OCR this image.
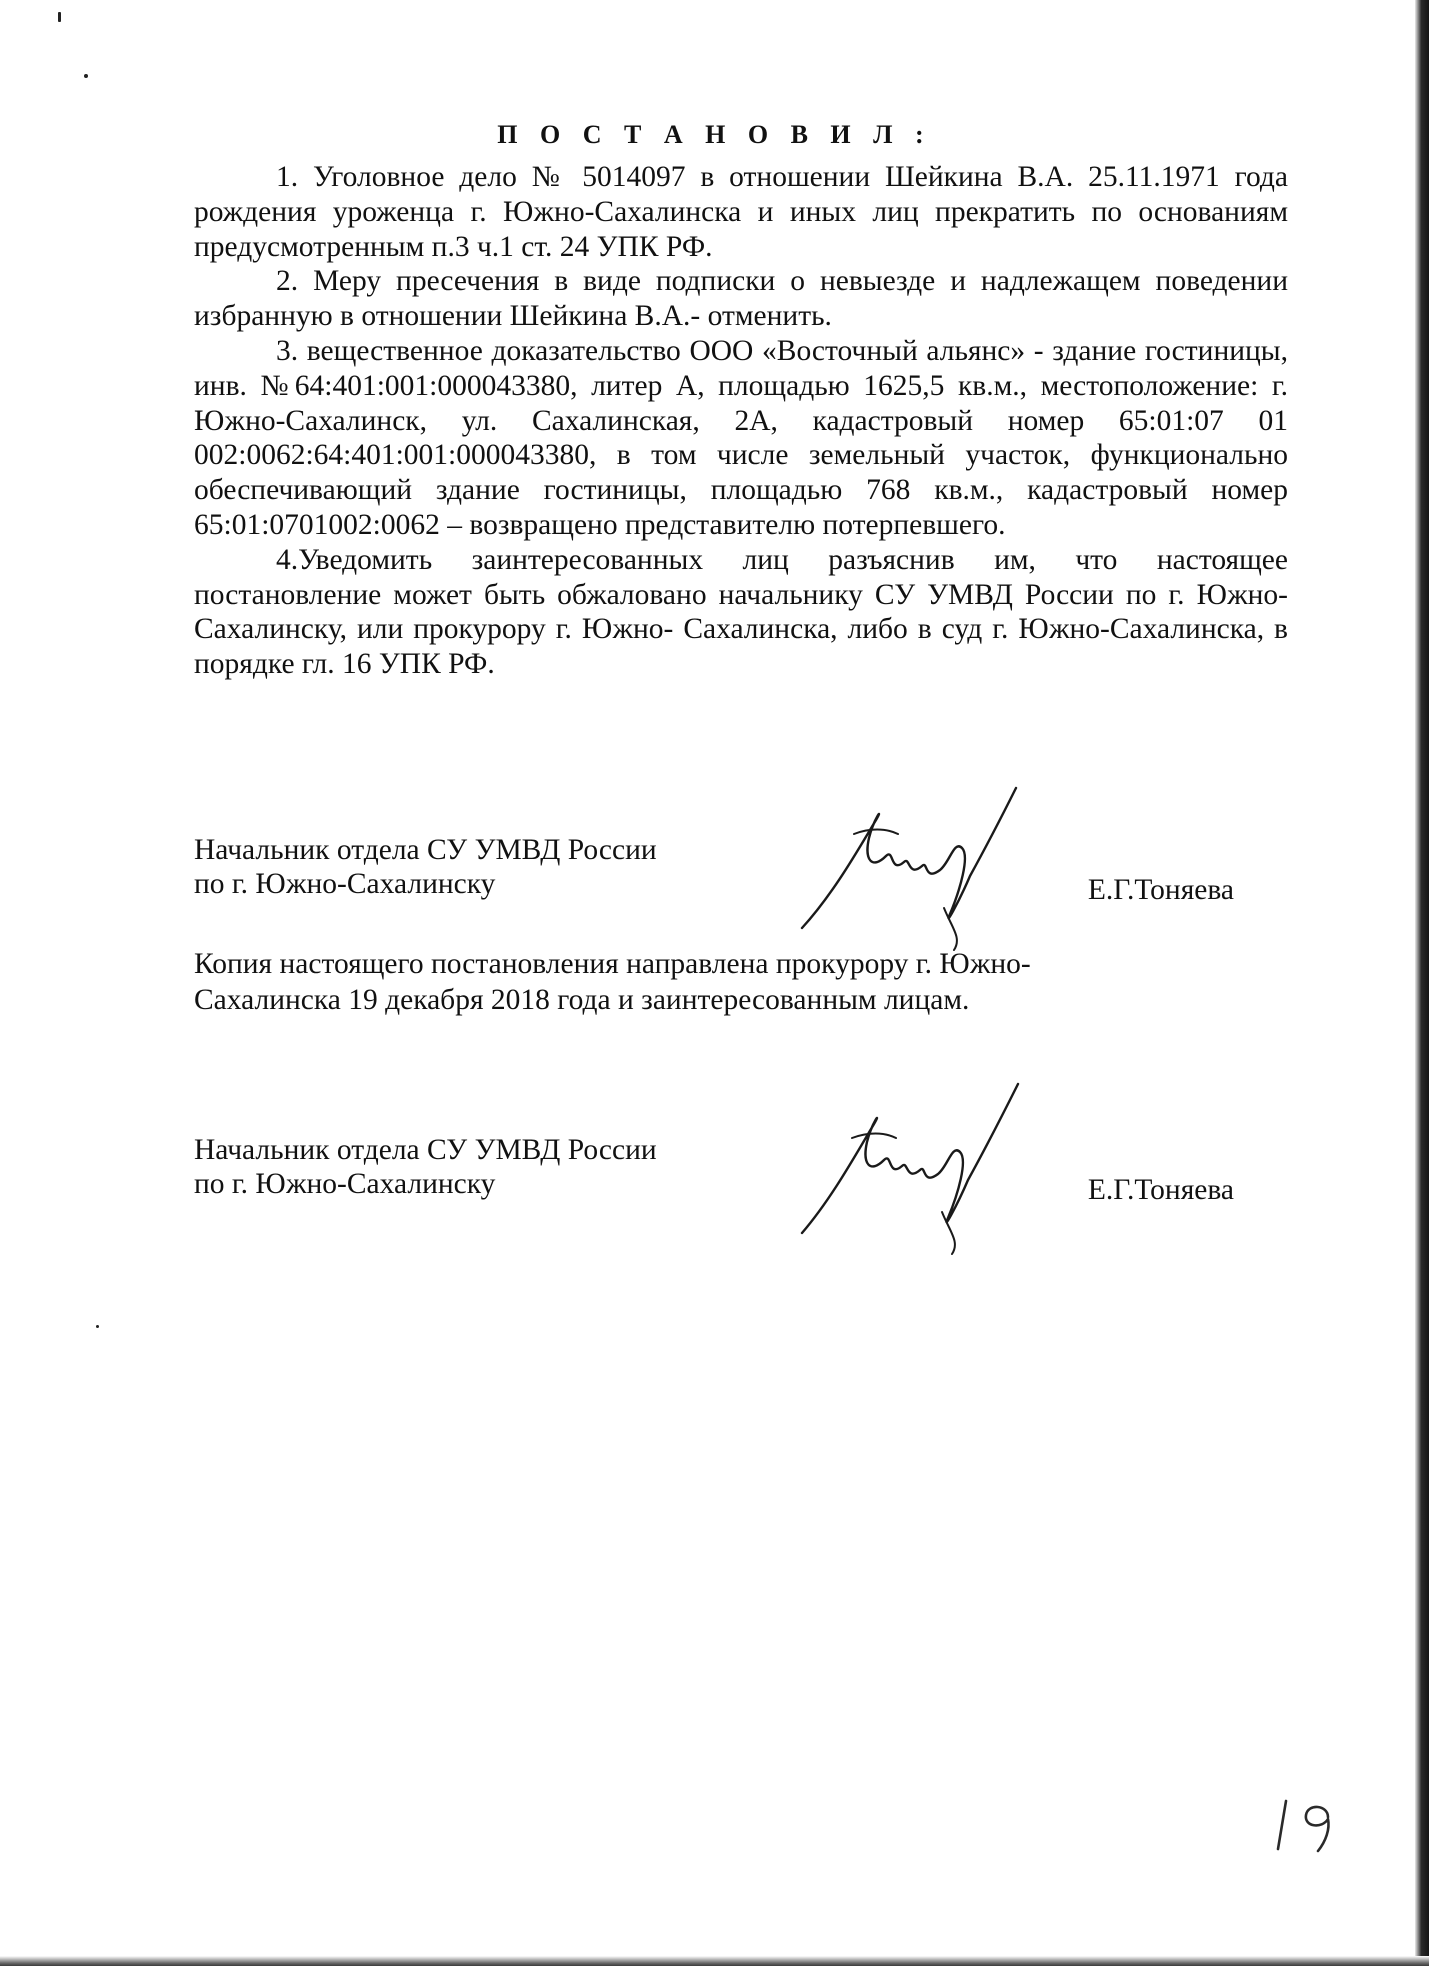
П О С Т А Н О В И Л :

1. Уголовное дело № 5014097 в отношении Шейкина В.А. 25.11.1971 года рождения уроженца г. Южно-Сахалинска и иных лиц прекратить по основаниям предусмотренным п.3 ч.1 ст. 24 УПК РФ.

2. Меру пресечения в виде подписки о невыезде и надлежащем поведении избранную в отношении Шейкина В.А.- отменить.

3. вещественное доказательство ООО «Восточный альянс» - здание гостиницы, инв. №64:401:001:000043380, литер А, площадью 1625,5 кв.м., местоположение: г. Южно-Сахалинск, ул. Сахалинская, 2А, кадастровый номер 65:01:07 01 002:0062:64:401:001:000043380, в том числе земельный участок, функционально обеспечивающий здание гостиницы, площадью 768 кв.м., кадастровый номер 65:01:0701002:0062 – возвращено представителю потерпевшего.

4.Уведомить заинтересованных лиц разъяснив им, что настоящее постановление может быть обжаловано начальнику СУ УМВД России по г. Южно-Сахалинску, или прокурору г. Южно- Сахалинска, либо в суд г. Южно-Сахалинска, в порядке гл. 16 УПК РФ.

Начальник отдела СУ УМВД России
по г. Южно-Сахалинску	Е.Г.Тоняева

Копия настоящего постановления направлена прокурору г. Южно-
Сахалинска 19 декабря 2018 года и заинтересованным лицам.

Начальник отдела СУ УМВД России
по г. Южно-Сахалинску	Е.Г.Тоняева
